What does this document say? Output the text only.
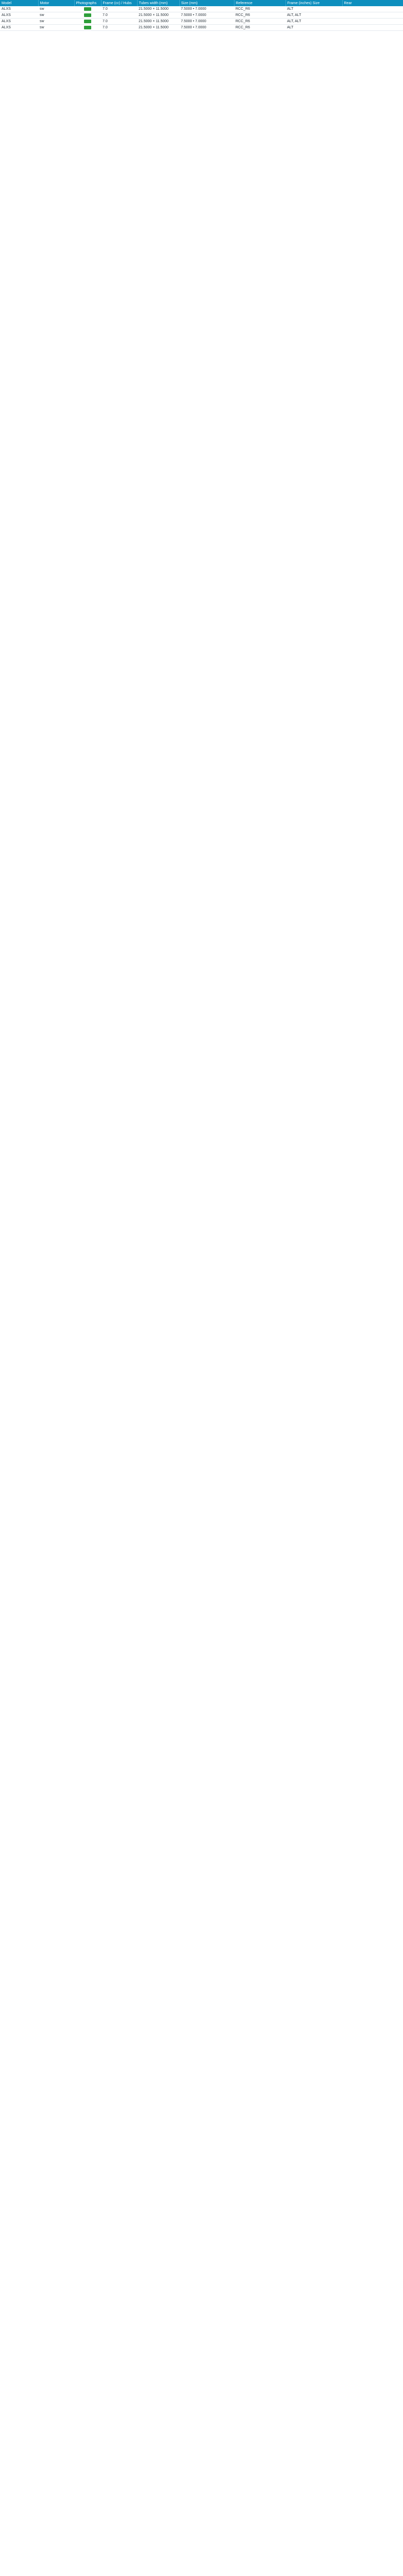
Model	Motor	Photographs	Frame (cc) / Hubs	Tubes width (mm)	Size (mm)	Reference	Frame (inches) Size	Rear
ALXS	sw		7.0	21.5000 × 11.5000	7.5000 • 7.0000	RCC_R6	ALT	
ALXS	sw		7.0	21.5000 × 11.5000	7.5000 • 7.0000	RCC_R6	ALT, ALT	
ALXS	sw		7.0	21.5000 × 11.5000	7.5000 • 7.0000	RCC_R6	ALT, ALT	
ALXS	sw		7.0	21.5000 × 11.5000	7.5000 • 7.0000	RCC_R6	ALT	
